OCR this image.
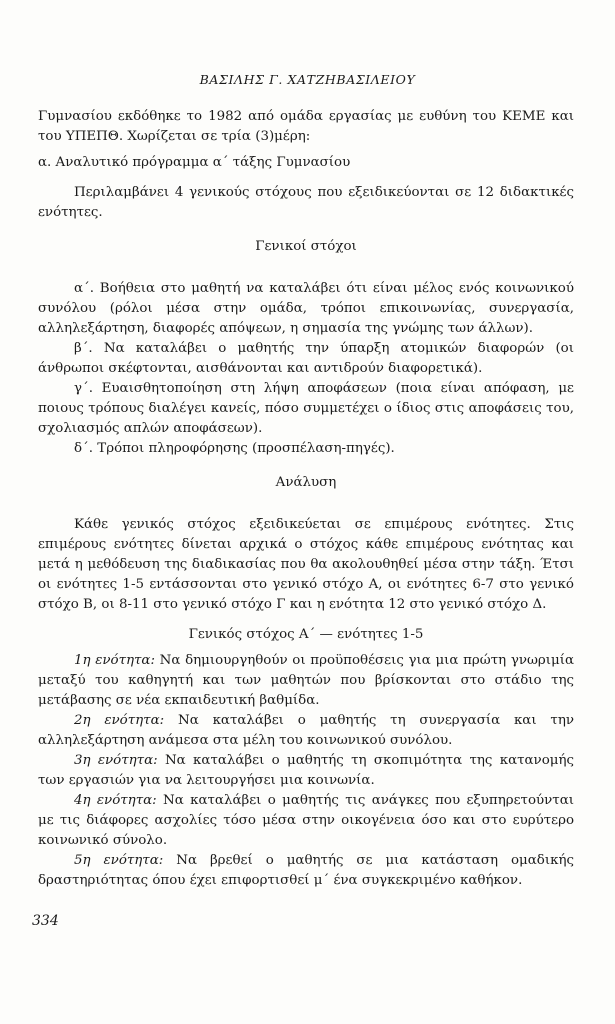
ΒΑΣΙΛΗΣ Γ. ΧΑΤΖΗΒΑΣΙΛΕΙΟΥ

Γυμνασίου εκδόθηκε το 1982 από ομάδα εργασίας με ευθύνη του ΚΕΜΕ και του ΥΠΕΠΘ. Χωρίζεται σε τρία (3)μέρη:

α. Αναλυτικό πρόγραμμα α΄ τάξης Γυμνασίου

Περιλαμβάνει 4 γενικούς στόχους που εξειδικεύονται σε 12 διδακτικές ενότητες.

Γενικοί στόχοι

α΄. Βοήθεια στο μαθητή να καταλάβει ότι είναι μέλος ενός κοινωνικού συνόλου (ρόλοι μέσα στην ομάδα, τρόποι επικοινωνίας, συνεργασία, αλληλεξάρτηση, διαφορές απόψεων, η σημασία της γνώμης των άλλων).

β΄. Να καταλάβει ο μαθητής την ύπαρξη ατομικών διαφορών (οι άνθρωποι σκέφτονται, αισθάνονται και αντιδρούν διαφορετικά).

γ΄. Ευαισθητοποίηση στη λήψη αποφάσεων (ποια είναι απόφαση, με ποιους τρόπους διαλέγει κανείς, πόσο συμμετέχει ο ίδιος στις αποφάσεις του, σχολιασμός απλών αποφάσεων).

δ΄. Τρόποι πληροφόρησης (προσπέλαση-πηγές).

Ανάλυση

Κάθε γενικός στόχος εξειδικεύεται σε επιμέρους ενότητες. Στις επιμέρους ενότητες δίνεται αρχικά ο στόχος κάθε επιμέρους ενότητας και μετά η μεθόδευση της διαδικασίας που θα ακολουθηθεί μέσα στην τάξη. Έτσι οι ενότητες 1-5 εντάσσονται στο γενικό στόχο Α, οι ενότητες 6-7 στο γενικό στόχο Β, οι 8-11 στο γενικό στόχο Γ και η ενότητα 12 στο γενικό στόχο Δ.

Γενικός στόχος Α΄ — ενότητες 1-5

1η ενότητα: Να δημιουργηθούν οι προϋποθέσεις για μια πρώτη γνωριμία μεταξύ του καθηγητή και των μαθητών που βρίσκονται στο στάδιο της μετάβασης σε νέα εκπαιδευτική βαθμίδα.

2η ενότητα: Να καταλάβει ο μαθητής τη συνεργασία και την αλληλεξάρτηση ανάμεσα στα μέλη του κοινωνικού συνόλου.

3η ενότητα: Να καταλάβει ο μαθητής τη σκοπιμότητα της κατανομής των εργασιών για να λειτουργήσει μια κοινωνία.

4η ενότητα: Να καταλάβει ο μαθητής τις ανάγκες που εξυπηρετούνται με τις διάφορες ασχολίες τόσο μέσα στην οικογένεια όσο και στο ευρύτερο κοινωνικό σύνολο.

5η ενότητα: Να βρεθεί ο μαθητής σε μια κατάσταση ομαδικής δραστηριότητας όπου έχει επιφορτισθεί μ΄ ένα συγκεκριμένο καθήκον.

334
